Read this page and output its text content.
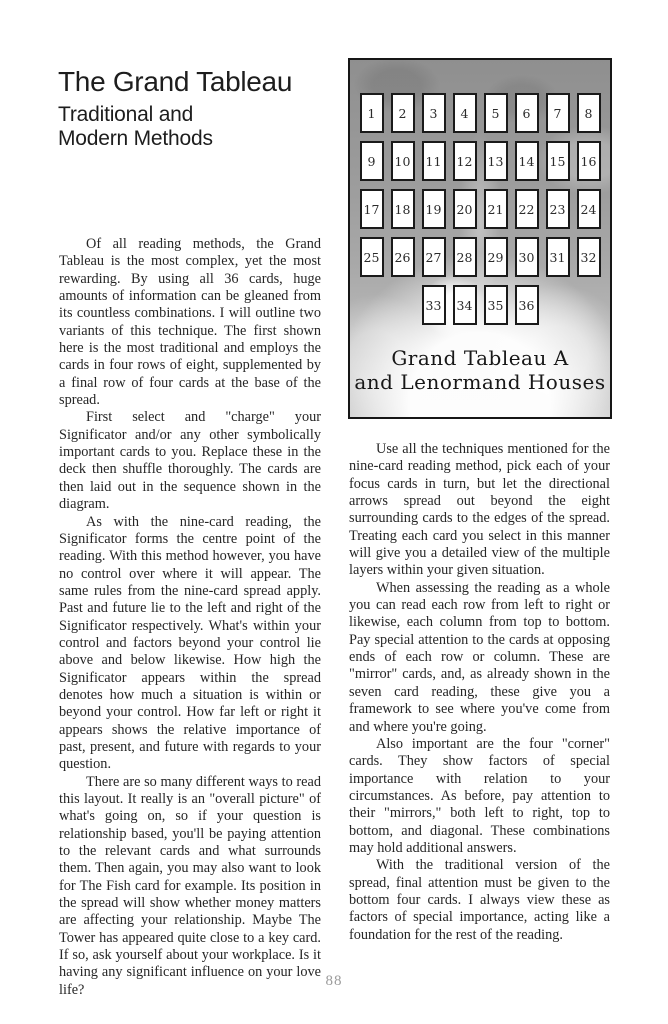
The Grand Tableau
Traditional and
Modern Methods
1	2	3	4	5	6	7	8
9	10	11	12	13	14	15	16
17	18	19	20	21	22	23	24
25	26	27	28	29	30	31	32
33	34	35	36
Grand Tableau A
and Lenormand Houses

Of all reading methods, the Grand Tableau is the most complex, yet the most rewarding. By using all 36 cards, huge amounts of information can be gleaned from its countless combinations. I will outline two variants of this technique. The first shown here is the most traditional and employs the cards in four rows of eight, supplemented by a final row of four cards at the base of the spread.

First select and "charge" your Significator and/or any other symbolically important cards to you. Replace these in the deck then shuffle thoroughly. The cards are then laid out in the sequence shown in the diagram.

As with the nine-card reading, the Significator forms the centre point of the reading. With this method however, you have no control over where it will appear. The same rules from the nine-card spread apply. Past and future lie to the left and right of the Significator respectively. What's within your control and factors beyond your control lie above and below likewise. How high the Significator appears within the spread denotes how much a situation is within or beyond your control. How far left or right it appears shows the relative importance of past, present, and future with regards to your question.

There are so many different ways to read this layout. It really is an "overall picture" of what's going on, so if your question is relationship based, you'll be paying attention to the relevant cards and what surrounds them. Then again, you may also want to look for The Fish card for example. Its position in the spread will show whether money matters are affecting your relationship. Maybe The Tower has appeared quite close to a key card. If so, ask yourself about your workplace. Is it having any significant influence on your love life?

Use all the techniques mentioned for the nine-card reading method, pick each of your focus cards in turn, but let the directional arrows spread out beyond the eight surrounding cards to the edges of the spread. Treating each card you select in this manner will give you a detailed view of the multiple layers within your given situation.

When assessing the reading as a whole you can read each row from left to right or likewise, each column from top to bottom. Pay special attention to the cards at opposing ends of each row or column. These are "mirror" cards, and, as already shown in the seven card reading, these give you a framework to see where you've come from and where you're going.

Also important are the four "corner" cards. They show factors of special importance with relation to your circumstances. As before, pay attention to their "mirrors," both left to right, top to bottom, and diagonal. These combinations may hold additional answers.

With the traditional version of the spread, final attention must be given to the bottom four cards. I always view these as factors of special importance, acting like a foundation for the rest of the reading.

88
